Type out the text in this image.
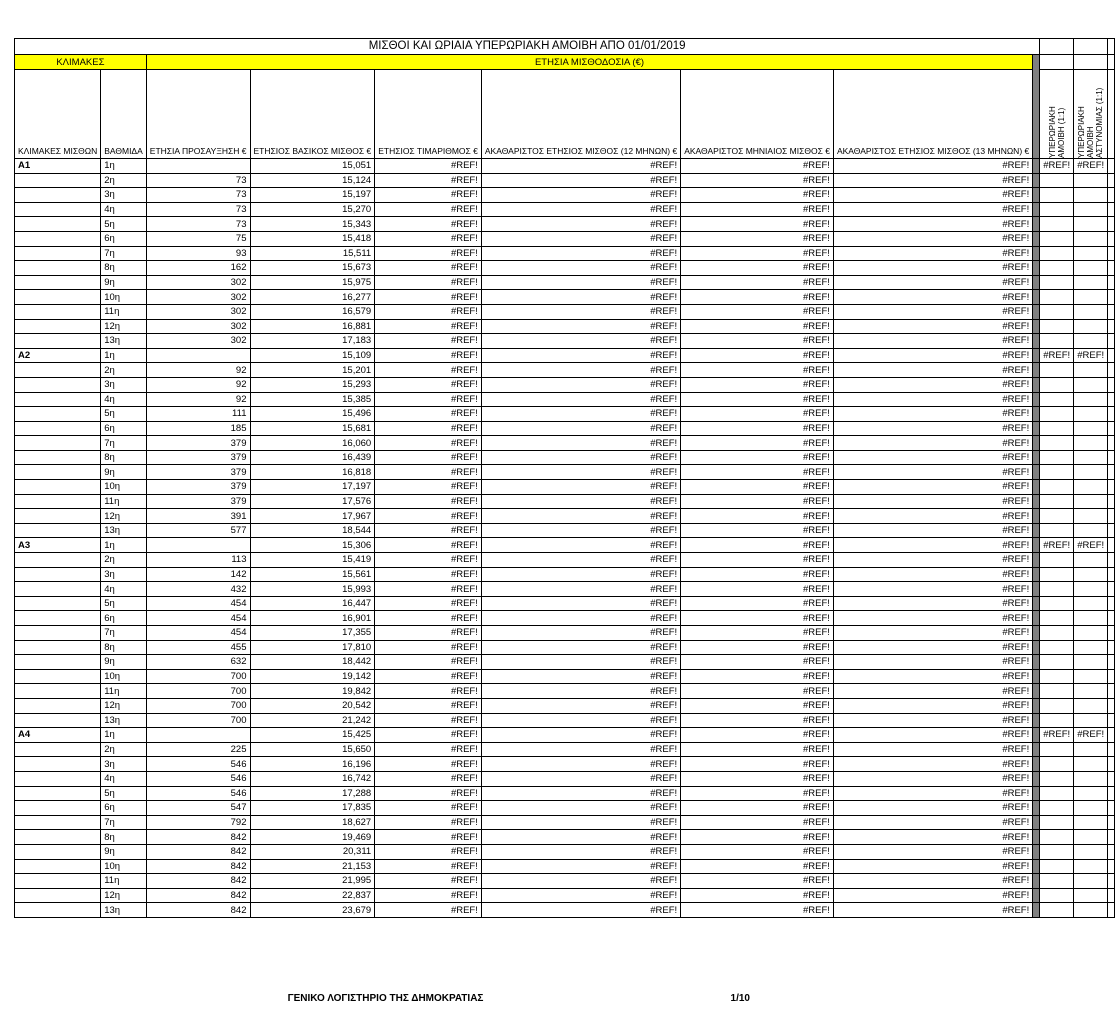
ΜΙΣΘΟΙ ΚΑΙ ΩΡΙΑΙΑ ΥΠΕΡΩΡΙΑΚΗ ΑΜΟΙΒΗ ΑΠΟ 01/01/2019											
ΚΛΙΜΑΚΕΣ		ΕΤΗΣΙΑ ΜΙΣΘΟΔΟΣΙΑ (€)									
ΚΛΙΜΑΚΕΣ ΜΙΣΘΩΝ	ΒΑΘΜΙΔΑ	ΕΤΗΣΙΑ ΠΡΟΣΑΥΞΗΣΗ €	ΕΤΗΣΙΟΣ ΒΑΣΙΚΟΣ ΜΙΣΘΟΣ €	ΕΤΗΣΙΟΣ ΤΙΜΑΡΙΘΜΟΣ €	ΑΚΑΘΑΡΙΣΤΟΣ ΕΤΗΣΙΟΣ ΜΙΣΘΟΣ (12 ΜΗΝΩΝ) €	ΑΚΑΘΑΡΙΣΤΟΣ ΜΗΝΙΑΙΟΣ ΜΙΣΘΟΣ €	ΑΚΑΘΑΡΙΣΤΟΣ ΕΤΗΣΙΟΣ ΜΙΣΘΟΣ (13 ΜΗΝΩΝ) €		ΥΠΕΡΩΡΙΑΚΗ ΑΜΟΙΒΗ (1:1)	ΥΠΕΡΩΡΙΑΚΗ ΑΜΟΙΒΗ ΑΣΤΥΝΟΜΙΑΣ (1:1)	

Α1	1η		15,051	#REF!	#REF!	#REF!	#REF!		#REF!	#REF!	
	2η	73	15,124	#REF!	#REF!	#REF!	#REF!				
	3η	73	15,197	#REF!	#REF!	#REF!	#REF!				
	4η	73	15,270	#REF!	#REF!	#REF!	#REF!				
	5η	73	15,343	#REF!	#REF!	#REF!	#REF!				
	6η	75	15,418	#REF!	#REF!	#REF!	#REF!				
	7η	93	15,511	#REF!	#REF!	#REF!	#REF!				
	8η	162	15,673	#REF!	#REF!	#REF!	#REF!				
	9η	302	15,975	#REF!	#REF!	#REF!	#REF!				
	10η	302	16,277	#REF!	#REF!	#REF!	#REF!				
	11η	302	16,579	#REF!	#REF!	#REF!	#REF!				
	12η	302	16,881	#REF!	#REF!	#REF!	#REF!				
	13η	302	17,183	#REF!	#REF!	#REF!	#REF!				
Α2	1η		15,109	#REF!	#REF!	#REF!	#REF!		#REF!	#REF!	
	2η	92	15,201	#REF!	#REF!	#REF!	#REF!				
	3η	92	15,293	#REF!	#REF!	#REF!	#REF!				
	4η	92	15,385	#REF!	#REF!	#REF!	#REF!				
	5η	111	15,496	#REF!	#REF!	#REF!	#REF!				
	6η	185	15,681	#REF!	#REF!	#REF!	#REF!				
	7η	379	16,060	#REF!	#REF!	#REF!	#REF!				
	8η	379	16,439	#REF!	#REF!	#REF!	#REF!				
	9η	379	16,818	#REF!	#REF!	#REF!	#REF!				
	10η	379	17,197	#REF!	#REF!	#REF!	#REF!				
	11η	379	17,576	#REF!	#REF!	#REF!	#REF!				
	12η	391	17,967	#REF!	#REF!	#REF!	#REF!				
	13η	577	18,544	#REF!	#REF!	#REF!	#REF!				
Α3	1η		15,306	#REF!	#REF!	#REF!	#REF!		#REF!	#REF!	
	2η	113	15,419	#REF!	#REF!	#REF!	#REF!				
	3η	142	15,561	#REF!	#REF!	#REF!	#REF!				
	4η	432	15,993	#REF!	#REF!	#REF!	#REF!				
	5η	454	16,447	#REF!	#REF!	#REF!	#REF!				
	6η	454	16,901	#REF!	#REF!	#REF!	#REF!				
	7η	454	17,355	#REF!	#REF!	#REF!	#REF!				
	8η	455	17,810	#REF!	#REF!	#REF!	#REF!				
	9η	632	18,442	#REF!	#REF!	#REF!	#REF!				
	10η	700	19,142	#REF!	#REF!	#REF!	#REF!				
	11η	700	19,842	#REF!	#REF!	#REF!	#REF!				
	12η	700	20,542	#REF!	#REF!	#REF!	#REF!				
	13η	700	21,242	#REF!	#REF!	#REF!	#REF!				
Α4	1η		15,425	#REF!	#REF!	#REF!	#REF!		#REF!	#REF!	
	2η	225	15,650	#REF!	#REF!	#REF!	#REF!				
	3η	546	16,196	#REF!	#REF!	#REF!	#REF!				
	4η	546	16,742	#REF!	#REF!	#REF!	#REF!				
	5η	546	17,288	#REF!	#REF!	#REF!	#REF!				
	6η	547	17,835	#REF!	#REF!	#REF!	#REF!				
	7η	792	18,627	#REF!	#REF!	#REF!	#REF!				
	8η	842	19,469	#REF!	#REF!	#REF!	#REF!				
	9η	842	20,311	#REF!	#REF!	#REF!	#REF!				
	10η	842	21,153	#REF!	#REF!	#REF!	#REF!				
	11η	842	21,995	#REF!	#REF!	#REF!	#REF!				
	12η	842	22,837	#REF!	#REF!	#REF!	#REF!				
	13η	842	23,679	#REF!	#REF!	#REF!	#REF!				
ΓΕΝΙΚΟ ΛΟΓΙΣΤΗΡΙΟ ΤΗΣ ΔΗΜΟΚΡΑΤΙΑΣ	1/10
